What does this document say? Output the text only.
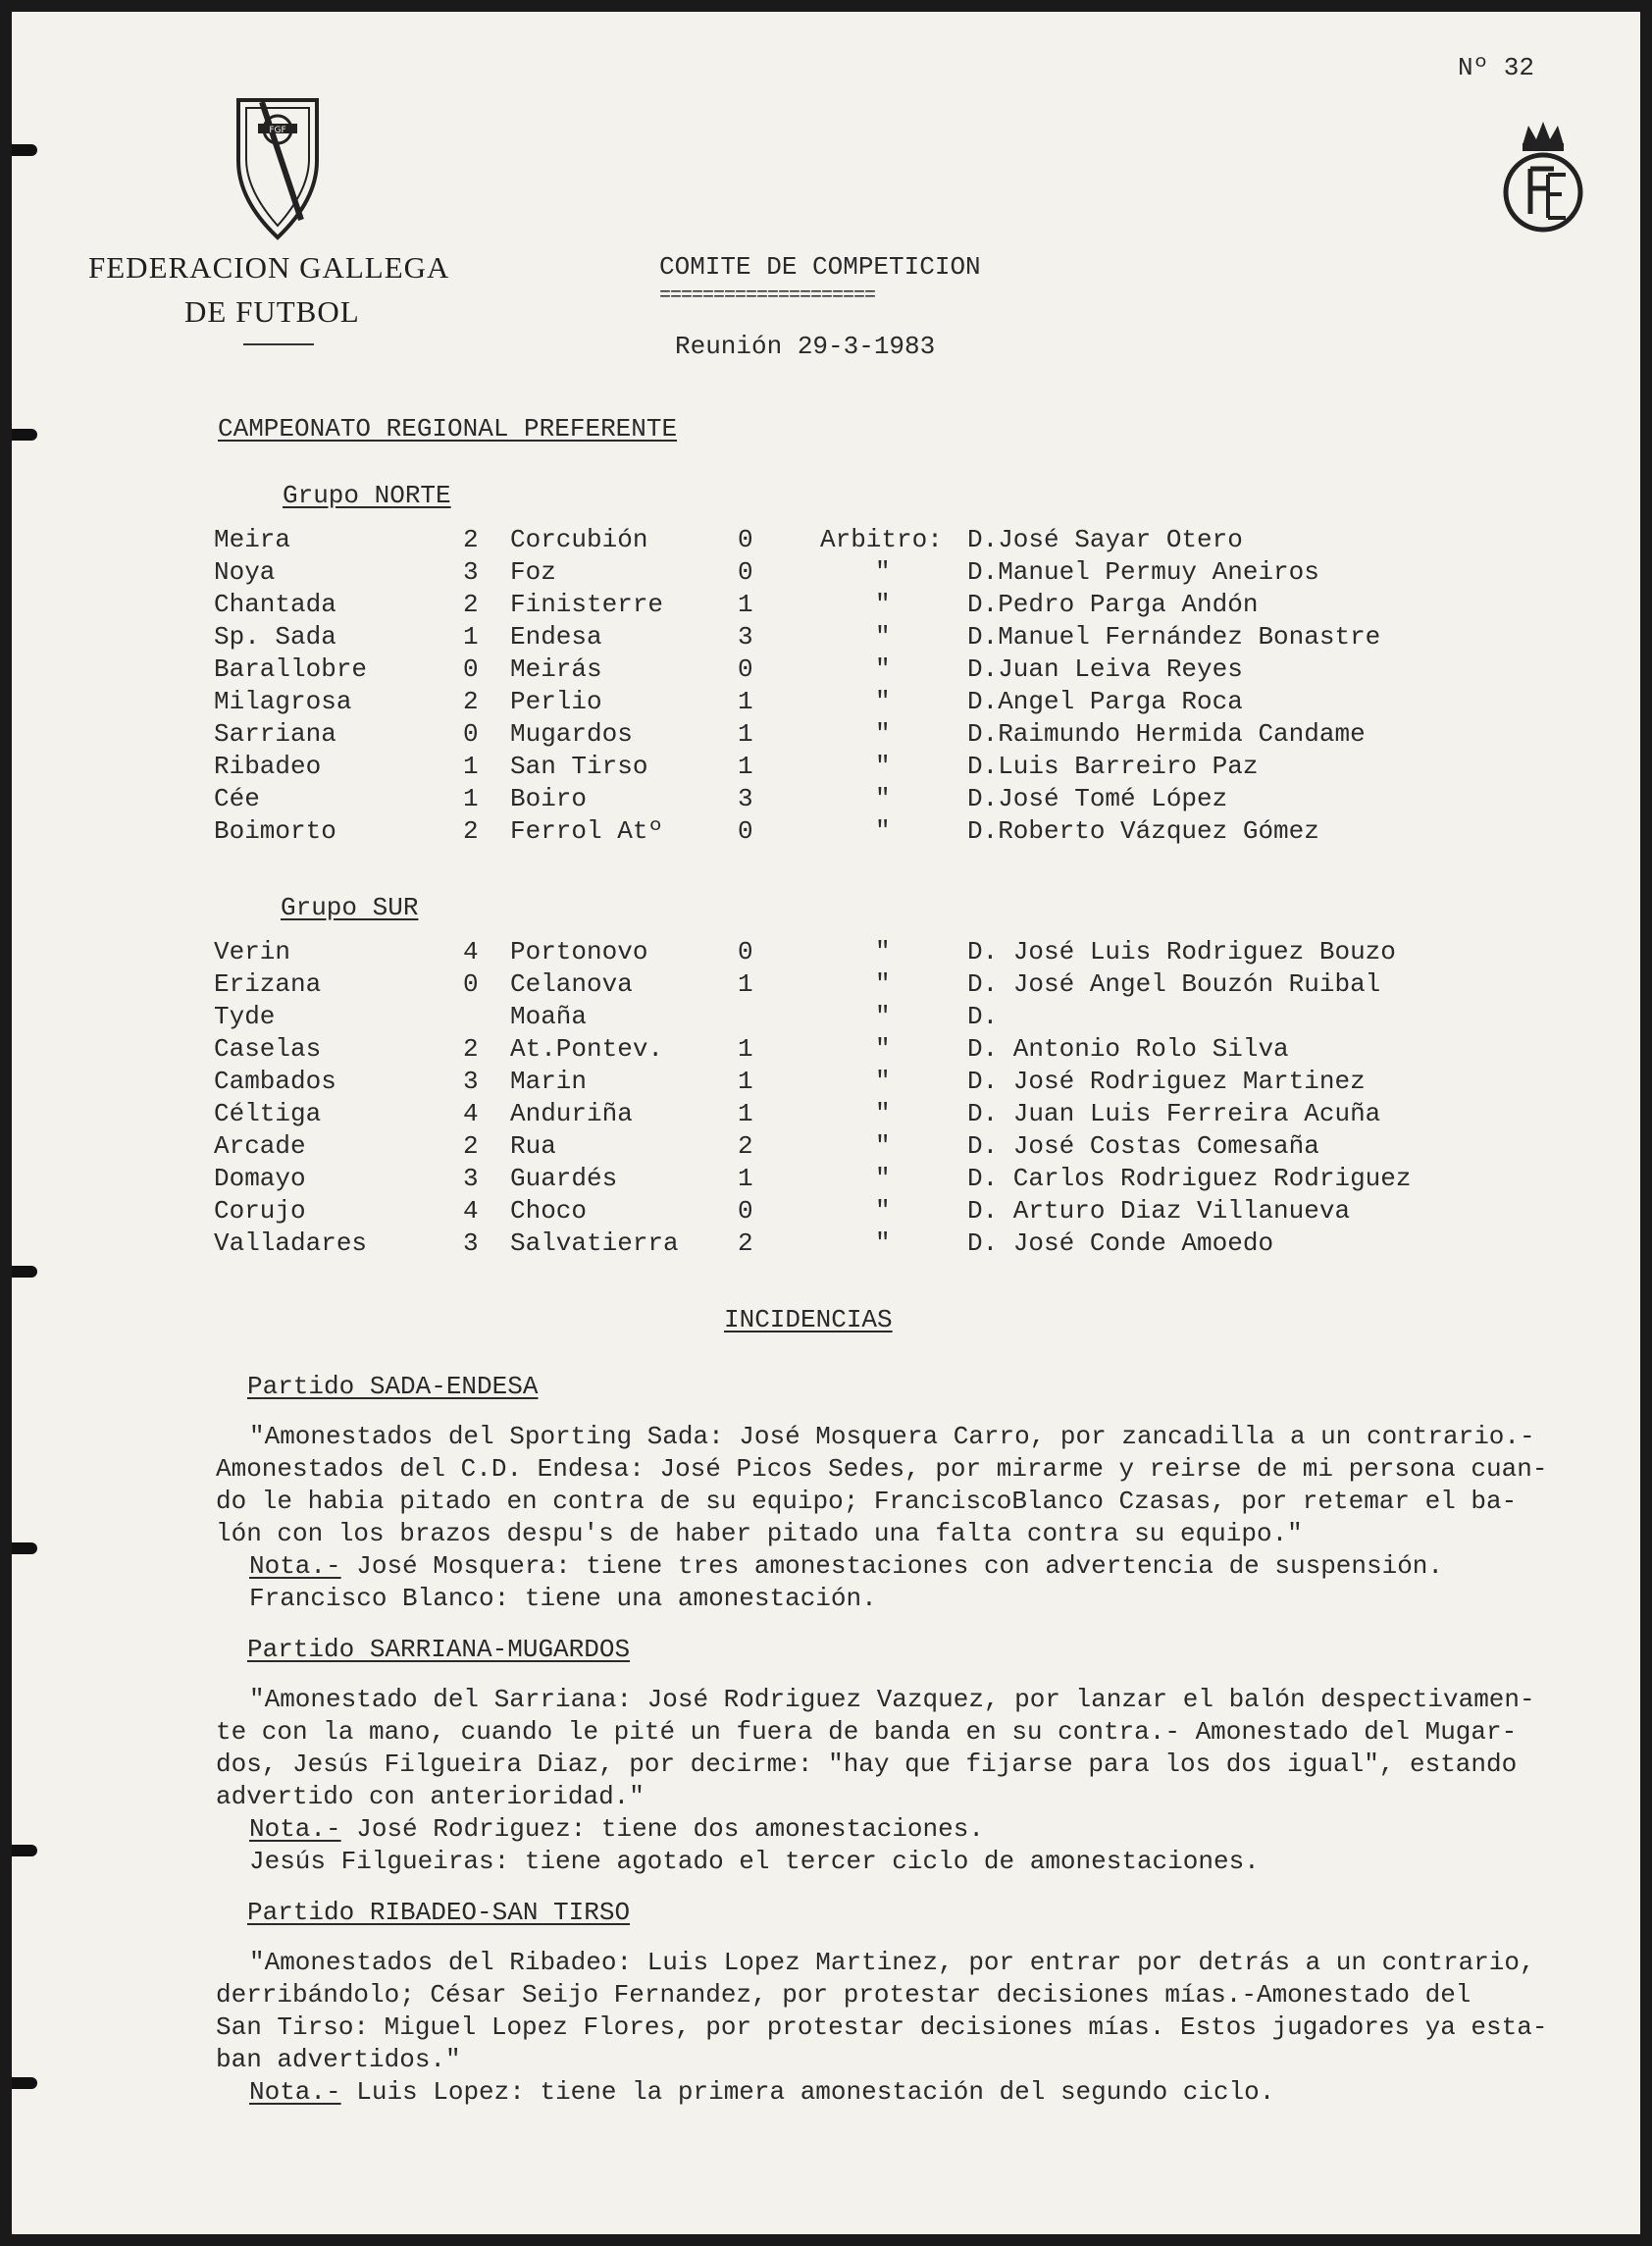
Nº 32
FGF
FEDERACION GALLEGA
DE FUTBOL
COMITE DE COMPETICION
====================
Reunión 29-3-1983
CAMPEONATO REGIONAL PREFERENTE
Grupo NORTE
Meira	2 Corcubión	0	Arbitro: D.José Sayar Otero
Noya	3 Foz	0	"	D.Manuel Permuy Aneiros
Chantada	2 Finisterre	1	"	D.Pedro Parga Andón
Sp. Sada	1 Endesa	3	"	D.Manuel Fernández Bonastre
Barallobre	0 Meirás	0	"	D.Juan Leiva Reyes
Milagrosa	2 Perlio	1	"	D.Angel Parga Roca
Sarriana	0 Mugardos	1	"	D.Raimundo Hermida Candame
Ribadeo	1 San Tirso	1	"	D.Luis Barreiro Paz
Cée	1 Boiro	3	"	D.José Tomé López
Boimorto	2 Ferrol Atº	0	"	D.Roberto Vázquez Gómez
Grupo SUR
Verin	4 Portonovo	0	"	D. José Luis Rodriguez Bouzo
Erizana	0 Celanova	1	"	D. José Angel Bouzón Ruibal
Tyde	Moaña	"	D.
Caselas	2 At.Pontev.	1	"	D. Antonio Rolo Silva
Cambados	3 Marin	1	"	D. José Rodriguez Martinez
Céltiga	4 Anduriña	1	"	D. Juan Luis Ferreira Acuña
Arcade	2 Rua	2	"	D. José Costas Comesaña
Domayo	3 Guardés	1	"	D. Carlos Rodriguez Rodriguez
Corujo	4 Choco	0	"	D. Arturo Diaz Villanueva
Valladares	3 Salvatierra 2	"	D. José Conde Amoedo
INCIDENCIAS
Partido SADA-ENDESA
"Amonestados del Sporting Sada: José Mosquera Carro, por zancadilla a un contrario.-
Amonestados del C.D. Endesa: José Picos Sedes, por mirarme y reirse de mi persona cuan-
do le habia pitado en contra de su equipo; FranciscoBlanco Czasas, por retemar el ba-
lón con los brazos despu's de haber pitado una falta contra su equipo."
Nota.- José Mosquera: tiene tres amonestaciones con advertencia de suspensión.
Francisco Blanco: tiene una amonestación.
Partido SARRIANA-MUGARDOS
"Amonestado del Sarriana: José Rodriguez Vazquez, por lanzar el balón despectivamen-
te con la mano, cuando le pité un fuera de banda en su contra.- Amonestado del Mugar-
dos, Jesús Filgueira Diaz, por decirme: "hay que fijarse para los dos igual", estando
advertido con anterioridad."
Nota.- José Rodriguez: tiene dos amonestaciones.
Jesús Filgueiras: tiene agotado el tercer ciclo de amonestaciones.
Partido RIBADEO-SAN TIRSO
"Amonestados del Ribadeo: Luis Lopez Martinez, por entrar por detrás a un contrario,
derribándolo; César Seijo Fernandez, por protestar decisiones mías.-Amonestado del
San Tirso: Miguel Lopez Flores, por protestar decisiones mías. Estos jugadores ya esta-
ban advertidos."
Nota.- Luis Lopez: tiene la primera amonestación del segundo ciclo.
